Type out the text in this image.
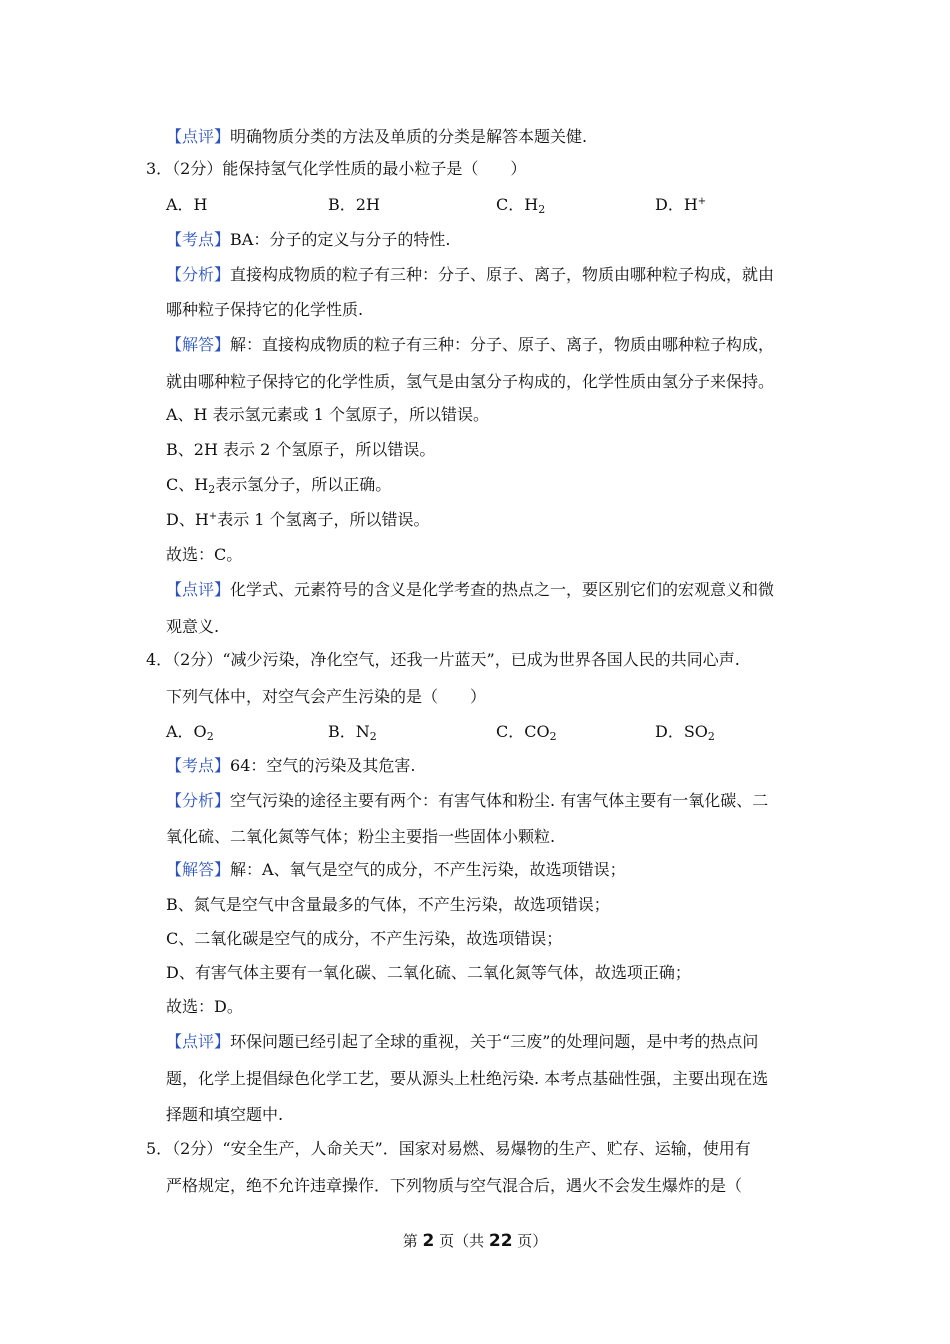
【点评】明确物质分类的方法及单质的分类是解答本题关健.
3．（2分）能保持氢气化学性质的最小粒子是（　　）
A．H	B．2H	C．$H_2$	D．H+
【考点】BA：分子的定义与分子的特性.
【分析】直接构成物质的粒子有三种：分子、原子、离子，物质由哪种粒子构成，就由
哪种粒子保持它的化学性质.
【解答】解：直接构成物质的粒子有三种：分子、原子、离子，物质由哪种粒子构成，
就由哪种粒子保持它的化学性质，氢气是由氢分子构成的，化学性质由氢分子来保持。
A、H 表示氢元素或 1 个氢原子，所以错误。
B、2H 表示 2 个氢原子，所以错误。
C、$H_2$表示氢分子，所以正确。
D、H+表示 1 个氢离子，所以错误。
故选：C。
【点评】化学式、元素符号的含义是化学考查的热点之一，要区别它们的宏观意义和微
观意义.
4．（2分）“减少污染，净化空气，还我一片蓝天”，已成为世界各国人民的共同心声.
下列气体中，对空气会产生污染的是（　　）
A．$O_2$	B．$N_2$	C．$CO_2$	D．$SO_2$
【考点】64：空气的污染及其危害.
【分析】空气污染的途径主要有两个：有害气体和粉尘. 有害气体主要有一氧化碳、二
氧化硫、二氧化氮等气体；粉尘主要指一些固体小颗粒.
【解答】解：A、氧气是空气的成分，不产生污染，故选项错误；
B、氮气是空气中含量最多的气体，不产生污染，故选项错误；
C、二氧化碳是空气的成分，不产生污染，故选项错误；
D、有害气体主要有一氧化碳、二氧化硫、二氧化氮等气体，故选项正确；
故选：D。
【点评】环保问题已经引起了全球的重视，关于“三废”的处理问题，是中考的热点问
题，化学上提倡绿色化学工艺，要从源头上杜绝污染. 本考点基础性强，主要出现在选
择题和填空题中.
5．（2分）“安全生产，人命关天”．国家对易燃、易爆物的生产、贮存、运输，使用有
严格规定，绝不允许违章操作．下列物质与空气混合后，遇火不会发生爆炸的是（
第 2 页（共 22 页）
